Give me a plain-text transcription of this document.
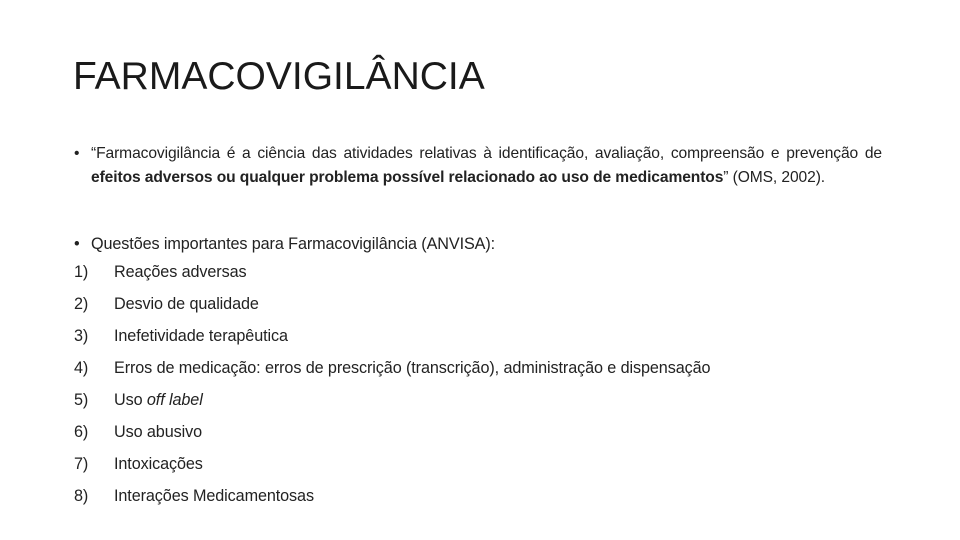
FARMACOVIGILÂNCIA
• “Farmacovigilância é a ciência das atividades relativas à identificação, avaliação, compreensão e prevenção de efeitos adversos ou qualquer problema possível relacionado ao uso de medicamentos” (OMS, 2002).

• Questões importantes para Farmacovigilância (ANVISA):
1) Reações adversas
2) Desvio de qualidade
3) Inefetividade terapêutica
4) Erros de medicação: erros de prescrição (transcrição), administração e dispensação
5) Uso off label
6) Uso abusivo
7) Intoxicações
8) Interações Medicamentosas
